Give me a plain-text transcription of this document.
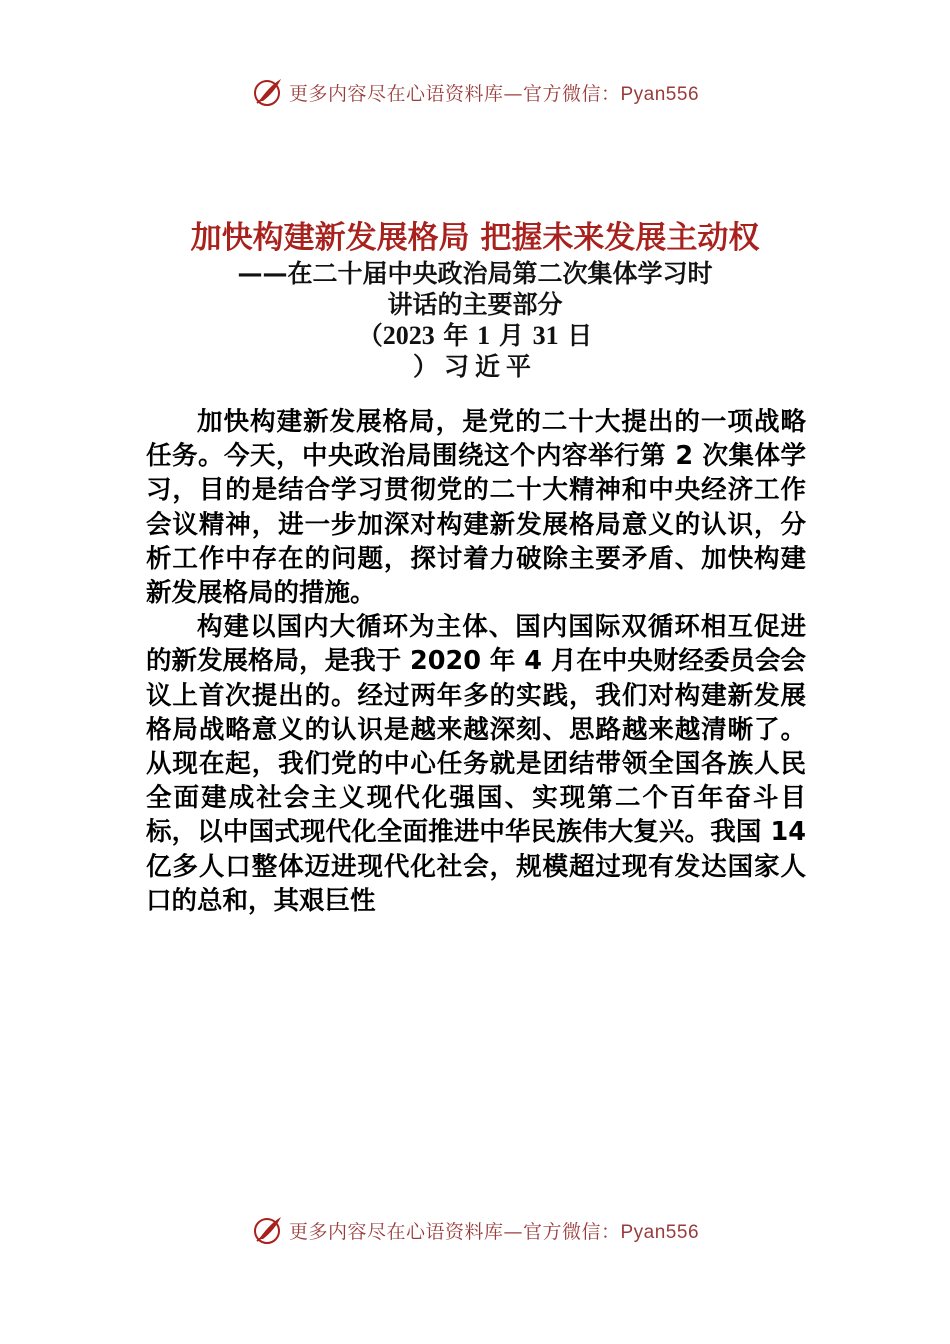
更多内容尽在心语资料库—官方微信：Pyan556
加快构建新发展格局 把握未来发展主动权
——在二十届中央政治局第二次集体学习时
讲话的主要部分
（2023 年 1 月 31 日
）习近平

加快构建新发展格局，是党的二十大提出的一项战略任务。今天，中央政治局围绕这个内容举行第 2 次集体学习，目的是结合学习贯彻党的二十大精神和中央经济工作会议精神，进一步加深对构建新发展格局意义的认识，分析工作中存在的问题，探讨着力破除主要矛盾、加快构建新发展格局的措施。

构建以国内大循环为主体、国内国际双循环相互促进的新发展格局，是我于 2020 年 4 月在中央财经委员会会议上首次提出的。经过两年多的实践，我们对构建新发展格局战略意义的认识是越来越深刻、思路越来越清晰了。从现在起，我们党的中心任务就是团结带领全国各族人民全面建成社会主义现代化强国、实现第二个百年奋斗目标，以中国式现代化全面推进中华民族伟大复兴。我国 14 亿多人口整体迈进现代化社会，规模超过现有发达国家人口的总和，其艰巨性

更多内容尽在心语资料库—官方微信：Pyan556
